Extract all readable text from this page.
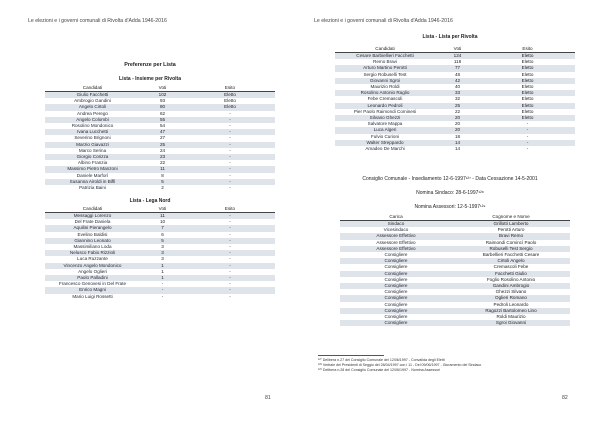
Le elezioni e i governi comunali di Rivolta d'Adda 1946-2016
Preferenze per Lista
Lista - Insieme per Rivolta
Candidati	Voti	Esito
Giulio Facchetti	102	Eletto
Ambrogio Gandini	93	Eletto
Angelo Cirtoli	80	Eletto
Andrea Perego	62	-
Angelo Colombi	55	-
Rosolino Mondonico	54	-
Ivana Lucchetti	47	-
Severino Brignoni	27	-
Marzio Giavazzi	25	-
Marco Serina	24	-
Giorgio Corizza	23	-
Albino Franzia	22	-
Massimo Pietro Manzoni	11	-
Daniele Marforì	8	-
Susanna Airoldi in Biffi	5	-
Patrizia Baini	2	-
Lista - Lega Nord
Candidati	Voti	Esito
Messaggi Lorenzo	11	-
Del Frate Daniela	10	-
Aquilini Pierangelo	7	-
Evelino Baldisi	6	-
Giannino Leonato	5	-
Massimiliano Loda	3	-
Nelusco Fabio Rizzioli	3	-
Luca Ruzzante	3	-
Vincenzo Angelo Mondonico	1	-
Angelo Oglieri	1	-
Paolo Palladini	1	-
Francesco Genovesi in Del Frate	-	-
Enrico Magni	-	-
Mario Luigi Rossetti	-	-
81
Le elezioni e i governi comunali di Rivolta d'Adda 1946-2016
Lista - Lista per Rivolta
Candidati	Voti	Esito
Cesare Barbiellieri Facchetti	124	Eletto
Remo Bravi	118	Eletto
Arturo Martino Perotti	77	Eletto
Sergio Robuselli Test	48	Eletto
Giovanni Sgroi	42	Eletto
Maurizio Roldi	40	Eletto
Rosolino Antonio Raglio	33	Eletto
Febe Cremascoli	32	Eletto
Leonardo Pedroli	25	Eletto
Pier Paolo Raimondi Cominesi	22	Eletto
Silvano Ghezzi	20	Eletto
Salvatore Mappa	20	-
Luca Algeri	20	-
Fulvio Curioni	18	-
Walter Streppardo	14	-
Amadeo De Marchi	14	-
Consiglio Comunale - Insediamento 12-6-1997¹²⁷ - Data Cessazione 14-5-2001
Nomina Sindaco: 28-6-1997¹²⁸
Nomina Assessori: 12-5-1997¹²⁹
Carica	Cognome e Nome
Sindaco	Grillotti Lamberto
Vicesindaco	Perotti Arturo
Assessore Effettivo	Bravi Remo
Assessore Effettivo	Raimondi Comincì Paolo
Assessore Effettivo	Robuselli Test Sergio
Consigliere	Barbellieri Facchetti Cesare
Consigliere	Cirtoli Angelo
Consigliere	Cremascoli Febe
Consigliere	Facchetti Giulio
Consigliere	Foglio Rosolino Antonio
Consigliere	Gandini Ambrogio
Consigliere	Ghezzi Silvano
Consigliere	Oglieri Romano
Consigliere	Pedroli Leonardo
Consigliere	Ragozzi Bartolomeo Lino
Consigliere	Roldi Maurizio
Consigliere	Sgroi Giovanni
¹²⁷ Delibera n.27 del Consiglio Comunale del 12/06/1997 - Convalida degli Eletti
¹²⁸ Verbale dei Presidenti di Seggio del 28/04/1997 con i 11 - Del 09/06/1997 - Giuramento del Sindaco
¹²⁹ Delibera n.28 del Consiglio Comunale del 12/06/1997 - Nomina Assessori
82
